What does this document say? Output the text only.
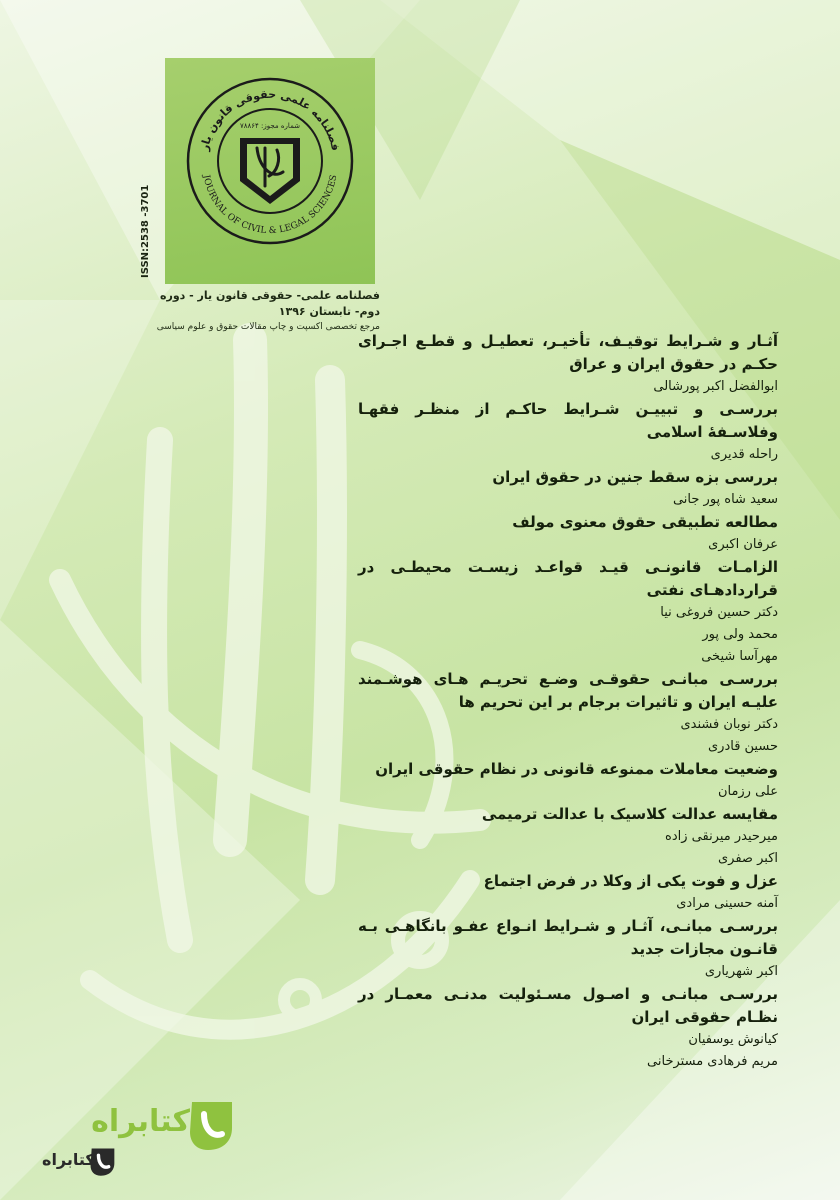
فصلنامه علمی حقوقی قانون یار
JOURNAL OF CIVIL & LEGAL SCIENCES
شماره مجوز: ۷۸۸۶۴
ISSN:2538 -3701
فصلنامه علمی- حقوقی قانون یار - دوره دوم- تابستان ۱۳۹۶
مرجع تخصصی اکسپت و چاپ مقالات حقوق و علوم سیاسی
آثـار و شـرایط توقیـف، تأخیـر، تعطیـل و قطـع اجـرای حکـم در حقوق ایران و عراق
ابوالفضل اکبر پورشالی
بررسـی و تبییـن شـرایط حاکـم از منظـر فقهـا وفلاسـفۀ اسلامی
راحله قدیری
بررسی بزه سقط جنین در حقوق ایران
سعید شاه پور جانی
مطالعه تطبیقی حقوق معنوی مولف
عرفان اکبری
الزامـات قانونـی قیـد قواعـد زیسـت محیطـی در قراردادهـای نفتی
دکتر حسین فروغی نیا
محمد ولی پور
مهرآسا شیخی
بررسـی مبانـی حقوقـی وضـع تحریـم هـای هوشـمند علیـه ایران و تاثیرات برجام بر این تحریم ها
دکتر نوبان فشندی
حسین قادری
وضعیت معاملات ممنوعه قانونی در نظام حقوقی ایران
علی رزمان
مقایسه عدالت کلاسیک با عدالت ترمیمی
میرحیدر میرنقی زاده
اکبر صفری
عزل و فوت یکی از وکلا در فرض اجتماع
آمنه حسینی مرادی
بررسـی مبانـی، آثـار و شـرایط انـواع عفـو بانگاهـی بـه قانـون مجازات جدید
اکبر شهریاری
بررسـی مبانـی و اصـول مسـئولیت مدنـی معمـار در نظـام حقوقی ایران
کیانوش یوسفیان
مریم فرهادی مسترخانی
کتابراه
کتابراه
